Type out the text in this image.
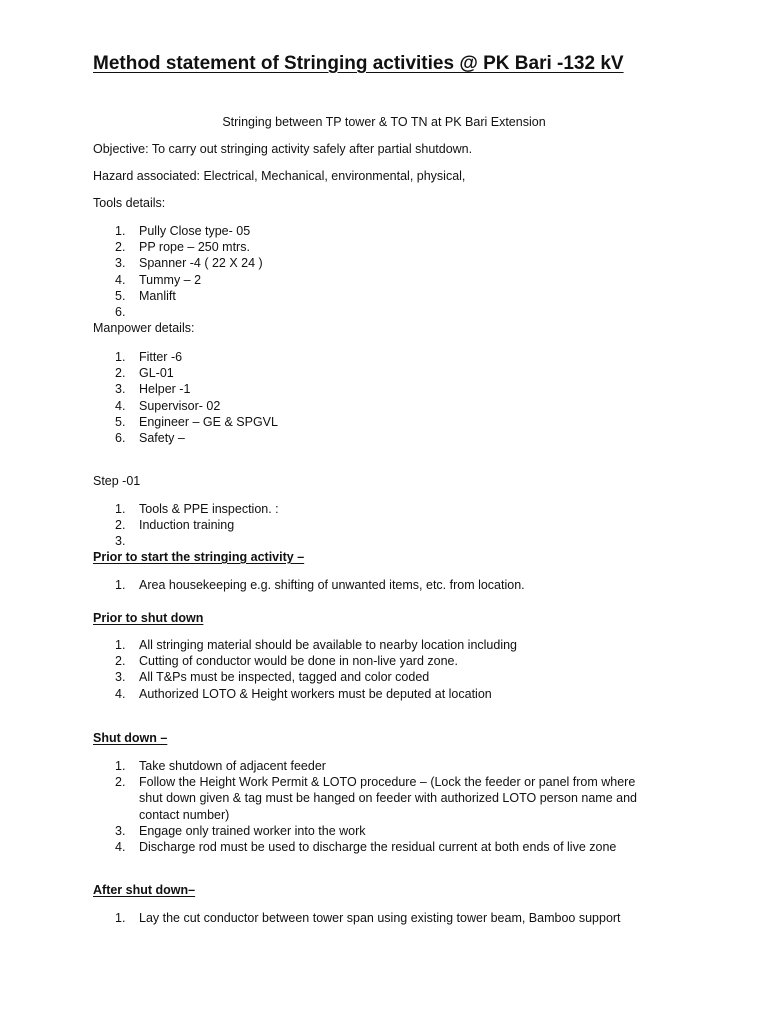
Method statement of Stringing activities @ PK Bari -132 kV

Stringing between TP tower & TO TN at PK Bari Extension

Objective: To carry out stringing activity safely after partial shutdown.

Hazard associated: Electrical, Mechanical, environmental, physical,

Tools details:

1. Pully Close type- 05
2. PP rope – 250 mtrs.
3. Spanner -4 ( 22 X 24 )
4. Tummy – 2
5. Manlift
6.

Manpower details:

1. Fitter -6
2. GL-01
3. Helper -1
4. Supervisor- 02
5. Engineer – GE & SPGVL
6. Safety –

Step -01

1. Tools & PPE inspection. :
2. Induction training
3.

Prior to start the stringing activity –

1. Area housekeeping e.g. shifting of unwanted items, etc. from location.

Prior to shut down

1. All stringing material should be available to nearby location including
2. Cutting of conductor would be done in non-live yard zone.
3. All T&Ps must be inspected, tagged and color coded
4. Authorized LOTO & Height workers must be deputed at location

Shut down –

1. Take shutdown of adjacent feeder
2. Follow the Height Work Permit & LOTO procedure – (Lock the feeder or panel from where shut down given & tag must be hanged on feeder with authorized LOTO person name and contact number)
3. Engage only trained worker into the work
4. Discharge rod must be used to discharge the residual current at both ends of live zone

After shut down–

1. Lay the cut conductor between tower span using existing tower beam, Bamboo support
